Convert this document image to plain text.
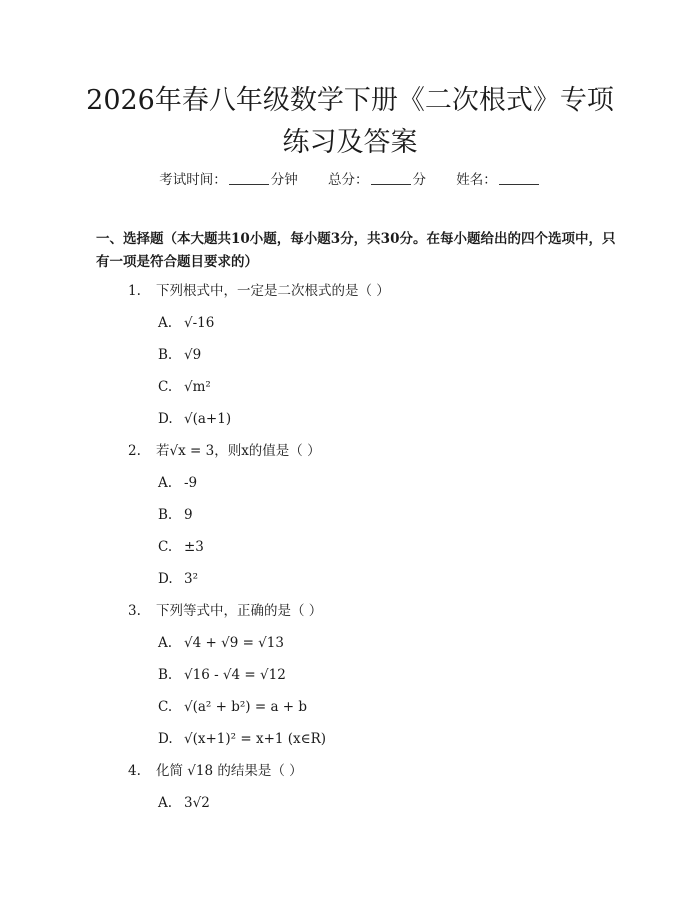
2026年春八年级数学下册《二次根式》专项
练习及答案
考试时间：	分钟 总分：	分 姓名：
一、选择题（本大题共10小题，每小题3分，共30分。在每小题给出的四个选项中，只有一项是符合题目要求的）
1. 下列根式中，一定是二次根式的是（ ）
A. √-16
B. √9
C. √m²
D. √(a+1)
2. 若√x = 3，则x的值是（ ）
A. -9
B. 9
C. ±3
D. 3²
3. 下列等式中，正确的是（ ）
A. √4 + √9 = √13
B. √16 - √4 = √12
C. √(a² + b²) = a + b
D. √(x+1)² = x+1 (x∈R)
4. 化简 √18 的结果是（ ）
A. 3√2
